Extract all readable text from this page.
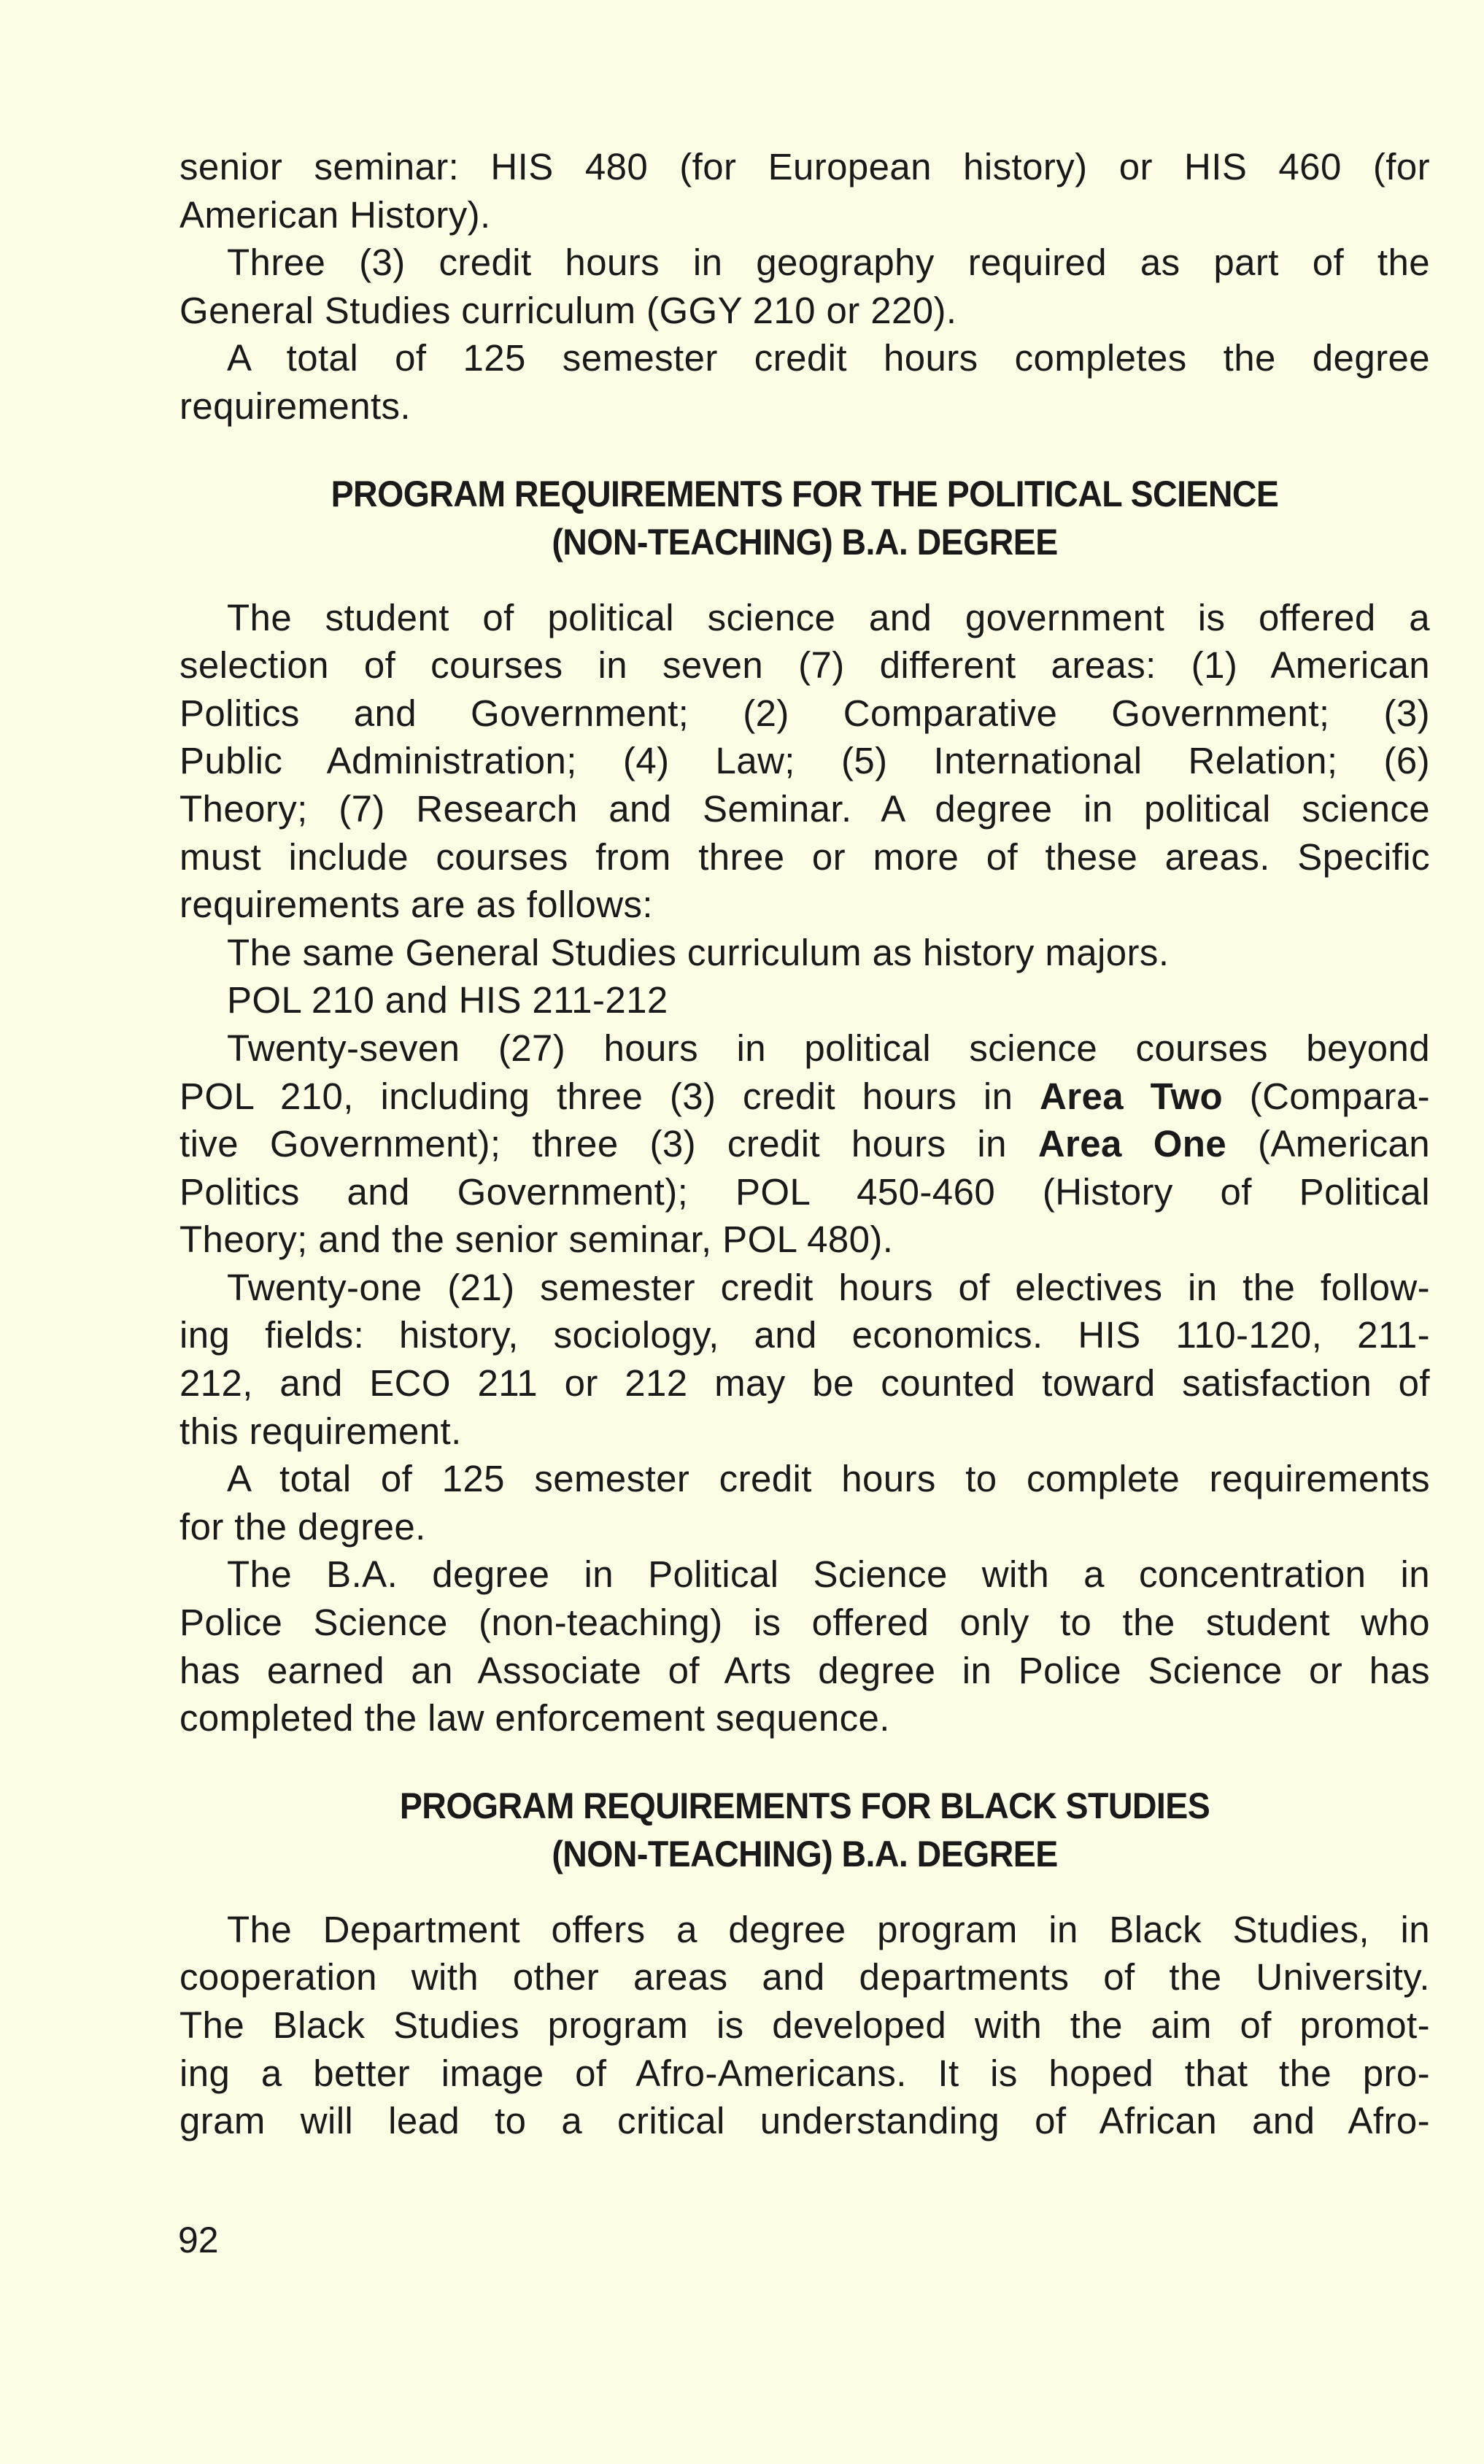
senior seminar: HIS 480 (for European history) or HIS 460 (for
American History).
Three (3) credit hours in geography required as part of the
General Studies curriculum (GGY 210 or 220).
A total of 125 semester credit hours completes the degree
requirements.
PROGRAM REQUIREMENTS FOR THE POLITICAL SCIENCE
(NON-TEACHING) B.A. DEGREE
The student of political science and government is offered a
selection of courses in seven (7) different areas: (1) American
Politics and Government; (2) Comparative Government; (3)
Public Administration; (4) Law; (5) International Relation; (6)
Theory; (7) Research and Seminar. A degree in political science
must include courses from three or more of these areas. Specific
requirements are as follows:
The same General Studies curriculum as history majors.
POL 210 and HIS 211-212
Twenty-seven (27) hours in political science courses beyond
POL 210, including three (3) credit hours in Area Two (Compara-
tive Government); three (3) credit hours in Area One (American
Politics and Government); POL 450-460 (History of Political
Theory; and the senior seminar, POL 480).
Twenty-one (21) semester credit hours of electives in the follow-
ing fields: history, sociology, and economics. HIS 110-120, 211-
212, and ECO 211 or 212 may be counted toward satisfaction of
this requirement.
A total of 125 semester credit hours to complete requirements
for the degree.
The B.A. degree in Political Science with a concentration in
Police Science (non-teaching) is offered only to the student who
has earned an Associate of Arts degree in Police Science or has
completed the law enforcement sequence.
PROGRAM REQUIREMENTS FOR BLACK STUDIES
(NON-TEACHING) B.A. DEGREE
The Department offers a degree program in Black Studies, in
cooperation with other areas and departments of the University.
The Black Studies program is developed with the aim of promot-
ing a better image of Afro-Americans. It is hoped that the pro-
gram will lead to a critical understanding of African and Afro-
92
